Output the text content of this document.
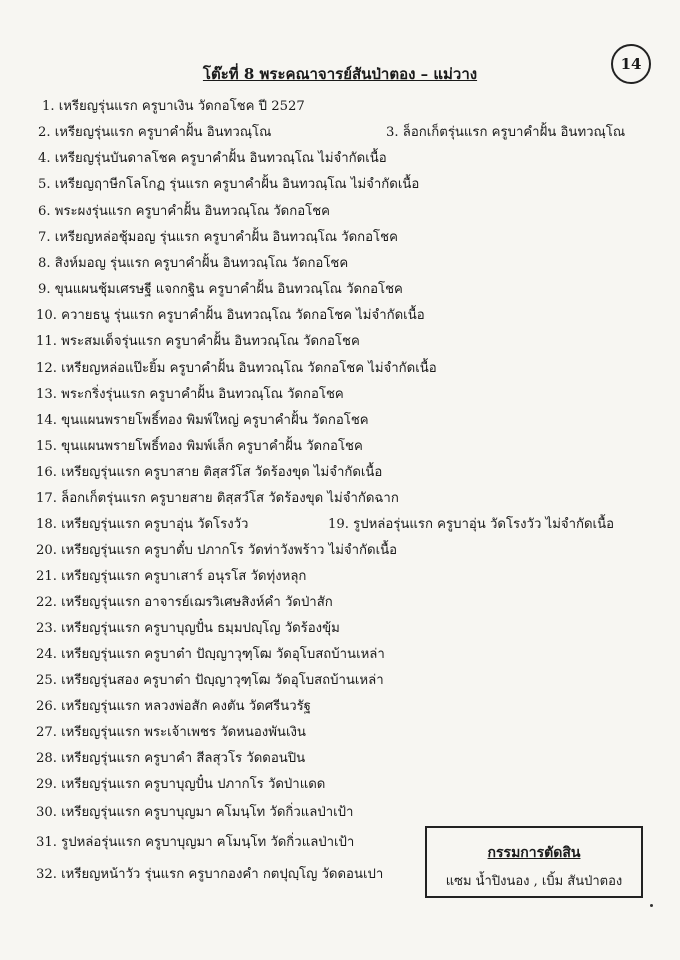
โต๊ะที่ 8 พระคณาจารย์สันป่าตอง – แม่วาง
14
1. เหรียญรุ่นแรก ครูบาเงิน วัดกอโชค ปี 2527
2. เหรียญรุ่นแรก ครูบาคำฝั้น อินทวณฺโณ	3. ล็อกเก็ตรุ่นแรก ครูบาคำฝั้น อินทวณฺโณ
4. เหรียญรุ่นบันดาลโชค ครูบาคำฝั้น อินทวณฺโณ ไม่จำกัดเนื้อ
5. เหรียญฤาษีกโลโกฏ รุ่นแรก ครูบาคำฝั้น อินทวณฺโณ ไม่จำกัดเนื้อ
6. พระผงรุ่นแรก ครูบาคำฝั้น อินทวณฺโณ วัดกอโชค
7. เหรียญหล่อชุ้มอญ รุ่นแรก ครูบาคำฝั้น อินทวณฺโณ วัดกอโชค
8. สิงห์มอญ รุ่นแรก ครูบาคำฝั้น อินทวณฺโณ วัดกอโชค
9. ขุนแผนชุ้มเศรษฐี แจกกฐิน ครูบาคำฝั้น อินทวณฺโณ วัดกอโชค
10. ควายธนู รุ่นแรก ครูบาคำฝั้น อินทวณฺโณ วัดกอโชค ไม่จำกัดเนื้อ
11. พระสมเด็จรุ่นแรก ครูบาคำฝั้น อินทวณฺโณ วัดกอโชค
12. เหรียญหล่อแป๊ะยิ้ม ครูบาคำฝั้น อินทวณฺโณ วัดกอโชค ไม่จำกัดเนื้อ
13. พระกริ่งรุ่นแรก ครูบาคำฝั้น อินทวณฺโณ วัดกอโชค
14. ขุนแผนพรายโพธิ์ทอง พิมพ์ใหญ่ ครูบาคำฝั้น วัดกอโชค
15. ขุนแผนพรายโพธิ์ทอง พิมพ์เล็ก ครูบาคำฝั้น วัดกอโชค
16. เหรียญรุ่นแรก ครูบาสาย ติสฺสวํโส วัดร้องขุด ไม่จำกัดเนื้อ
17. ล็อกเก็ตรุ่นแรก ครูบายสาย ติสฺสวํโส วัดร้องขุด ไม่จำกัดฉาก
18. เหรียญรุ่นแรก ครูบาอุ่น วัดโรงวัว	19. รูปหล่อรุ่นแรก ครูบาอุ่น วัดโรงวัว ไม่จำกัดเนื้อ
20. เหรียญรุ่นแรก ครูบาตั๋บ ปภากโร วัดท่าวังพร้าว ไม่จำกัดเนื้อ
21. เหรียญรุ่นแรก ครูบาเสาร์ อนุรโส วัดทุ่งหลุก
22. เหรียญรุ่นแรก อาจารย์เฌรวิเศษสิงห์คำ วัดป่าสัก
23. เหรียญรุ่นแรก ครูบาบุญปั๋น ธมฺมปญฺโญ วัดร้องขุ้ม
24. เหรียญรุ่นแรก ครูบาต๋า ปัญฺญาวุฑฺโฒ วัดอุโบสถบ้านเหล่า
25. เหรียญรุ่นสอง ครูบาต๋า ปัญฺญาวุฑฺโฒ วัดอุโบสถบ้านเหล่า
26. เหรียญรุ่นแรก หลวงพ่อสัก คงตัน วัดศรีนวรัฐ
27. เหรียญรุ่นแรก พระเจ้าเพชร วัดหนองพันเงิน
28. เหรียญรุ่นแรก ครูบาคำ สีลสุวโร วัดดอนปิน
29. เหรียญรุ่นแรก ครูบาบุญปั๋น ปภากโร วัดป่าแดด
30. เหรียญรุ่นแรก ครูบาบุญมา ฅโมนฺโท วัดกิ่วแลป่าเป้า
31. รูปหล่อรุ่นแรก ครูบาบุญมา ฅโมนฺโท วัดกิ่วแลป่าเป้า
32. เหรียญหน้าวัว รุ่นแรก ครูบากองคำ กตปุญฺโญ วัดดอนเปา
กรรมการตัดสิน
แซม น้ำปิงนอง , เบิ้ม สันป่าตอง
